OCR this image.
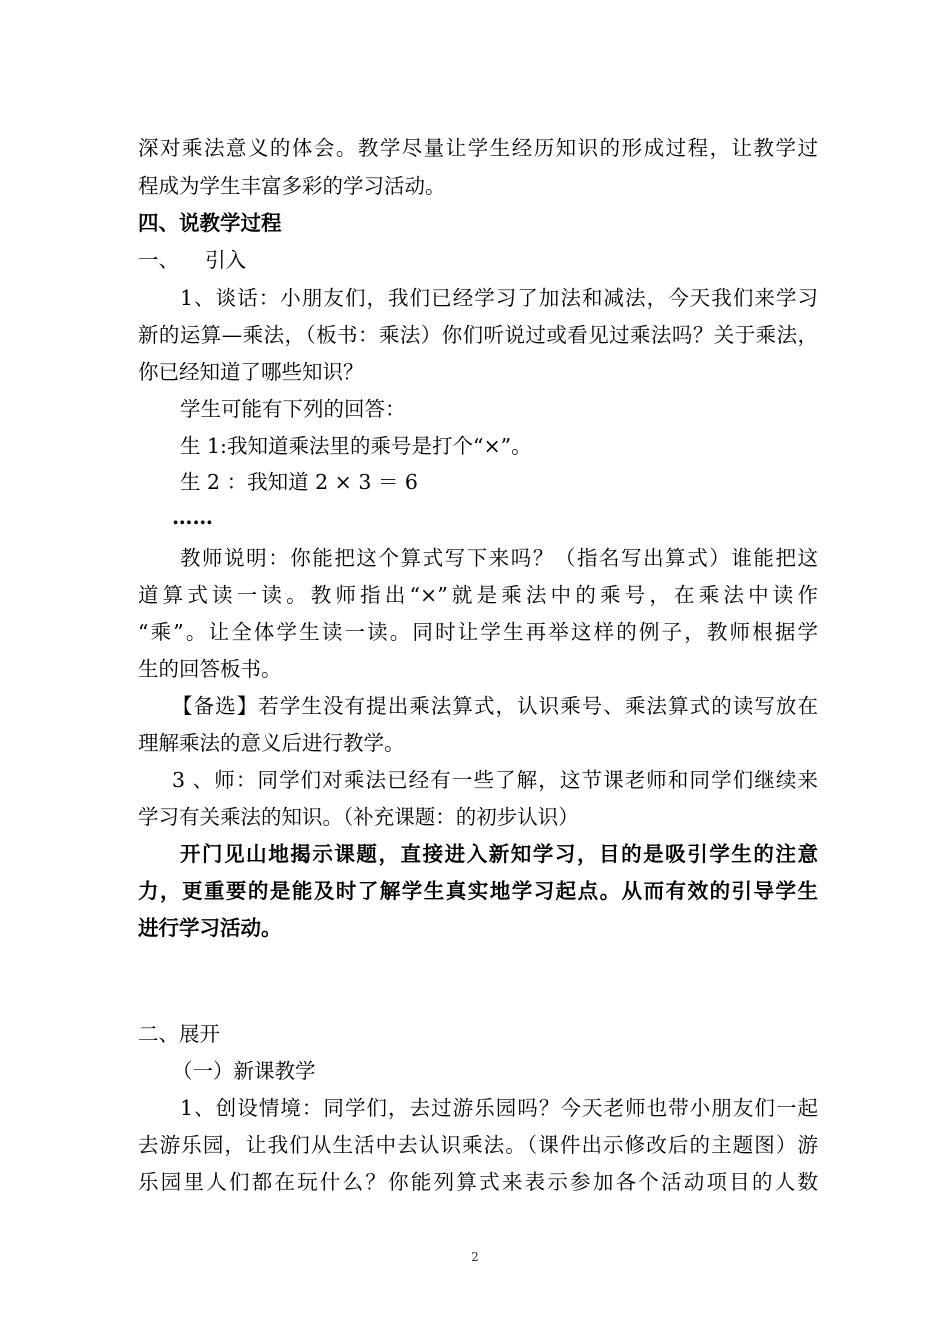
深对乘法意义的体会。教学尽量让学生经历知识的形成过程，让教学过
程成为学生丰富多彩的学习活动。
四、说教学过程
一、    引入
1、谈话：小朋友们，我们已经学习了加法和减法，今天我们来学习
新的运算—乘法，（板书：乘法）你们听说过或看见过乘法吗？关于乘法，
你已经知道了哪些知识？
学生可能有下列的回答：
生 1:我知道乘法里的乘号是打个“×”。
生 2 ：我知道 2 × 3 ＝ 6
……
教师说明：你能把这个算式写下来吗？（指名写出算式）谁能把这
道算式读一读。教师指出“×”就是乘法中的乘号，在乘法中读作
“乘”。让全体学生读一读。同时让学生再举这样的例子，教师根据学
生的回答板书。
【备选】若学生没有提出乘法算式，认识乘号、乘法算式的读写放在
理解乘法的意义后进行教学。
3 、师：同学们对乘法已经有一些了解，这节课老师和同学们继续来
学习有关乘法的知识。（补充课题：的初步认识）
开门见山地揭示课题，直接进入新知学习，目的是吸引学生的注意
力，更重要的是能及时了解学生真实地学习起点。从而有效的引导学生
进行学习活动。
二、展开
（一）新课教学
1、创设情境：同学们，去过游乐园吗？今天老师也带小朋友们一起
去游乐园，让我们从生活中去认识乘法。（课件出示修改后的主题图）游
乐园里人们都在玩什么？你能列算式来表示参加各个活动项目的人数
2
